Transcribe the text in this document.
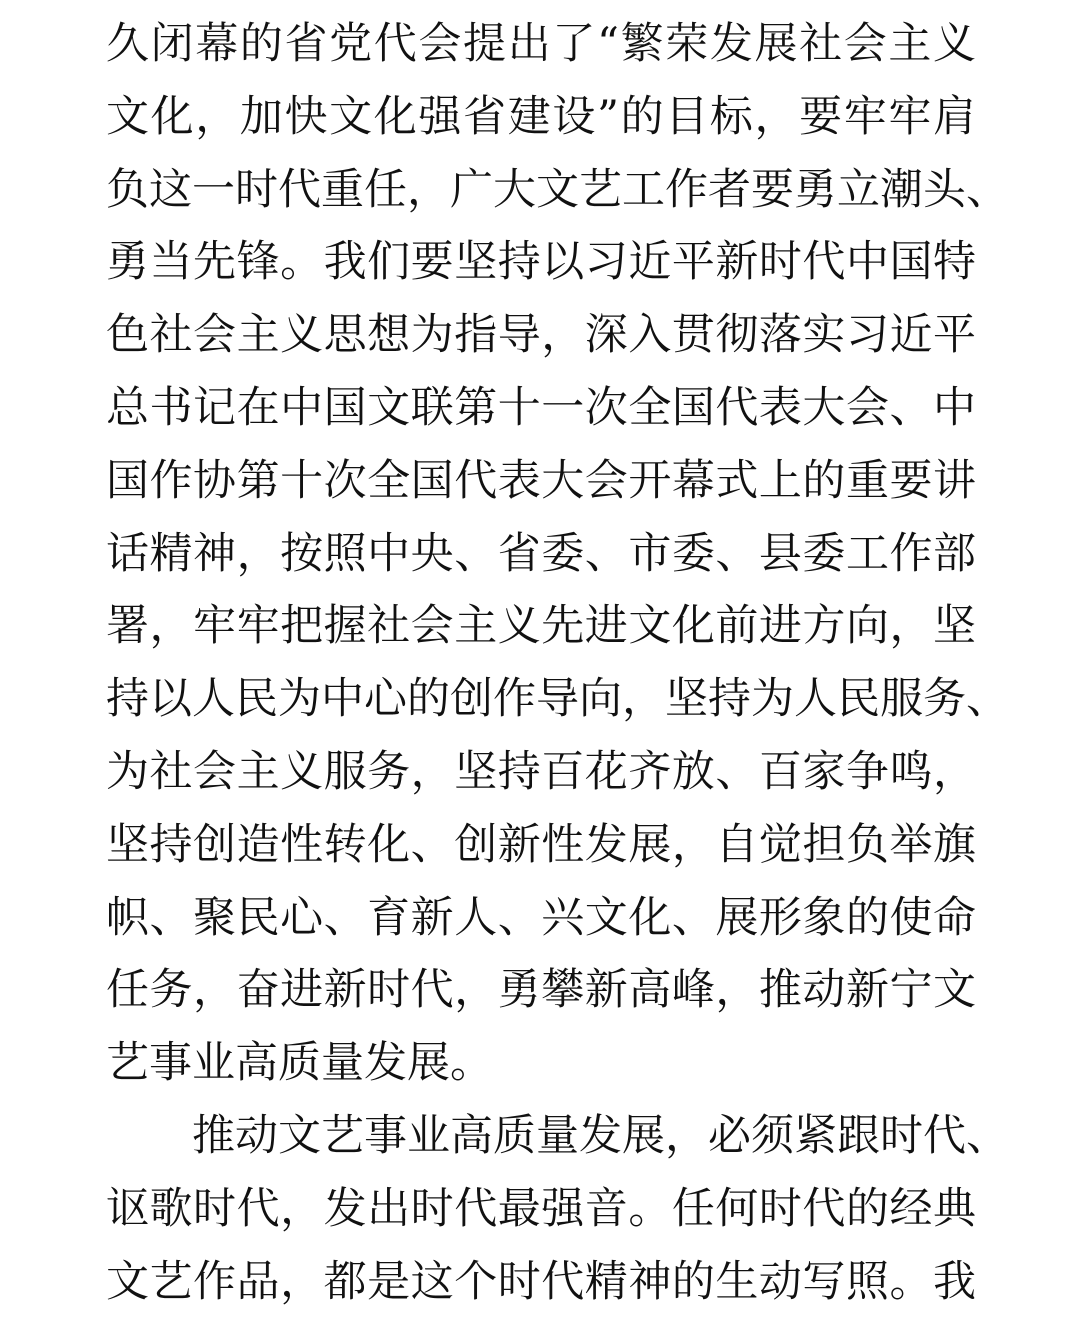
久闭幕的省党代会提出了“繁荣发展社会主义
文化，加快文化强省建设”的目标，要牢牢肩
负这一时代重任，广大文艺工作者要勇立潮头、
勇当先锋。我们要坚持以习近平新时代中国特
色社会主义思想为指导，深入贯彻落实习近平
总书记在中国文联第十一次全国代表大会、中
国作协第十次全国代表大会开幕式上的重要讲
话精神，按照中央、省委、市委、县委工作部
署，牢牢把握社会主义先进文化前进方向，坚
持以人民为中心的创作导向，坚持为人民服务、
为社会主义服务，坚持百花齐放、百家争鸣，
坚持创造性转化、创新性发展，自觉担负举旗
帜、聚民心、育新人、兴文化、展形象的使命
任务，奋进新时代，勇攀新高峰，推动新宁文
艺事业高质量发展。
推动文艺事业高质量发展，必须紧跟时代、
讴歌时代，发出时代最强音。任何时代的经典
文艺作品，都是这个时代精神的生动写照。我
